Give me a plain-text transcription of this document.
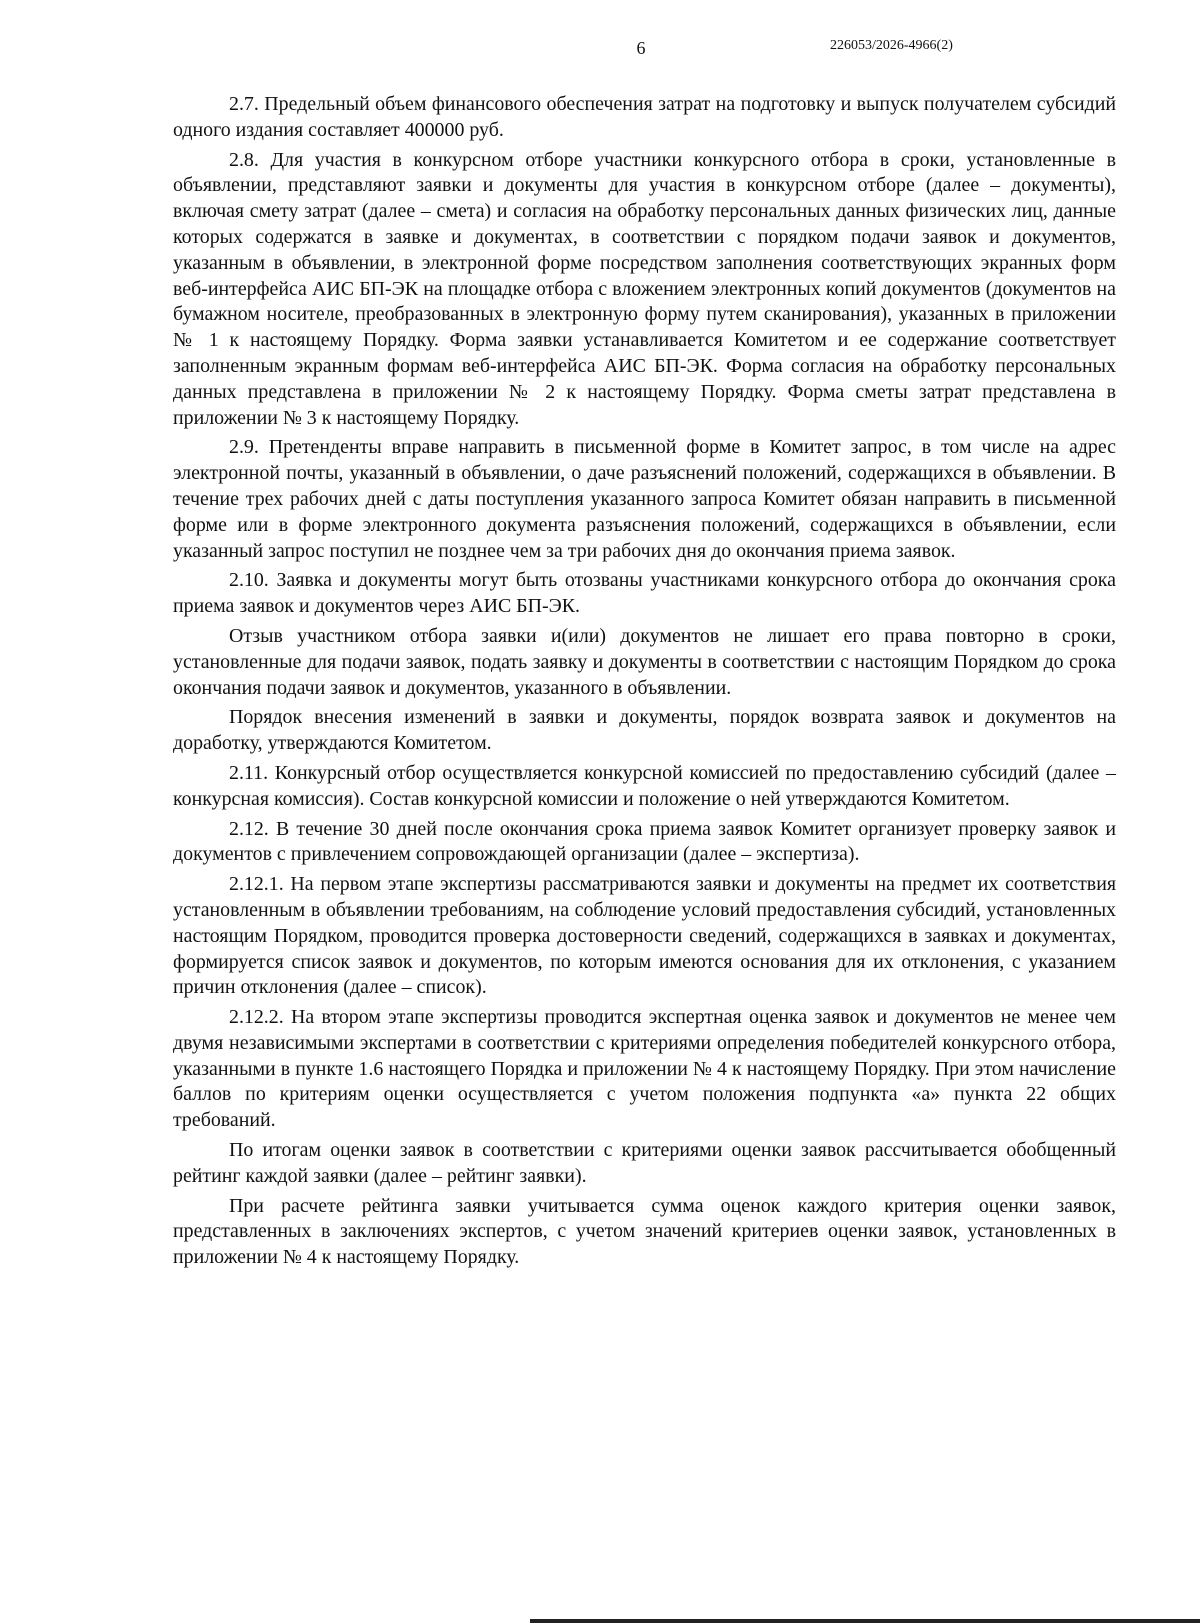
6	226053/2026-4966(2)

2.7. Предельный объем финансового обеспечения затрат на подготовку и выпуск получателем субсидий одного издания составляет 400000 руб.

2.8. Для участия в конкурсном отборе участники конкурсного отбора в сроки, установленные в объявлении, представляют заявки и документы для участия в конкурсном отборе (далее – документы), включая смету затрат (далее – смета) и согласия на обработку персональных данных физических лиц, данные которых содержатся в заявке и документах, в соответствии с порядком подачи заявок и документов, указанным в объявлении, в электронной форме посредством заполнения соответствующих экранных форм веб-интерфейса АИС БП-ЭК на площадке отбора с вложением электронных копий документов (документов на бумажном носителе, преобразованных в электронную форму путем сканирования), указанных в приложении № 1 к настоящему Порядку. Форма заявки устанавливается Комитетом и ее содержание соответствует заполненным экранным формам веб-интерфейса АИС БП-ЭК. Форма согласия на обработку персональных данных представлена в приложении № 2 к настоящему Порядку. Форма сметы затрат представлена в приложении № 3 к настоящему Порядку.

2.9. Претенденты вправе направить в письменной форме в Комитет запрос, в том числе на адрес электронной почты, указанный в объявлении, о даче разъяснений положений, содержащихся в объявлении. В течение трех рабочих дней с даты поступления указанного запроса Комитет обязан направить в письменной форме или в форме электронного документа разъяснения положений, содержащихся в объявлении, если указанный запрос поступил не позднее чем за три рабочих дня до окончания приема заявок.

2.10. Заявка и документы могут быть отозваны участниками конкурсного отбора до окончания срока приема заявок и документов через АИС БП-ЭК.

Отзыв участником отбора заявки и(или) документов не лишает его права повторно в сроки, установленные для подачи заявок, подать заявку и документы в соответствии с настоящим Порядком до срока окончания подачи заявок и документов, указанного в объявлении.

Порядок внесения изменений в заявки и документы, порядок возврата заявок и документов на доработку, утверждаются Комитетом.

2.11. Конкурсный отбор осуществляется конкурсной комиссией по предоставлению субсидий (далее – конкурсная комиссия). Состав конкурсной комиссии и положение о ней утверждаются Комитетом.

2.12. В течение 30 дней после окончания срока приема заявок Комитет организует проверку заявок и документов с привлечением сопровождающей организации (далее – экспертиза).

2.12.1. На первом этапе экспертизы рассматриваются заявки и документы на предмет их соответствия установленным в объявлении требованиям, на соблюдение условий предоставления субсидий, установленных настоящим Порядком, проводится проверка достоверности сведений, содержащихся в заявках и документах, формируется список заявок и документов, по которым имеются основания для их отклонения, с указанием причин отклонения (далее – список).

2.12.2. На втором этапе экспертизы проводится экспертная оценка заявок и документов не менее чем двумя независимыми экспертами в соответствии с критериями определения победителей конкурсного отбора, указанными в пункте 1.6 настоящего Порядка и приложении № 4 к настоящему Порядку. При этом начисление баллов по критериям оценки осуществляется с учетом положения подпункта «а» пункта 22 общих требований.

По итогам оценки заявок в соответствии с критериями оценки заявок рассчитывается обобщенный рейтинг каждой заявки (далее – рейтинг заявки).

При расчете рейтинга заявки учитывается сумма оценок каждого критерия оценки заявок, представленных в заключениях экспертов, с учетом значений критериев оценки заявок, установленных в приложении № 4 к настоящему Порядку.
